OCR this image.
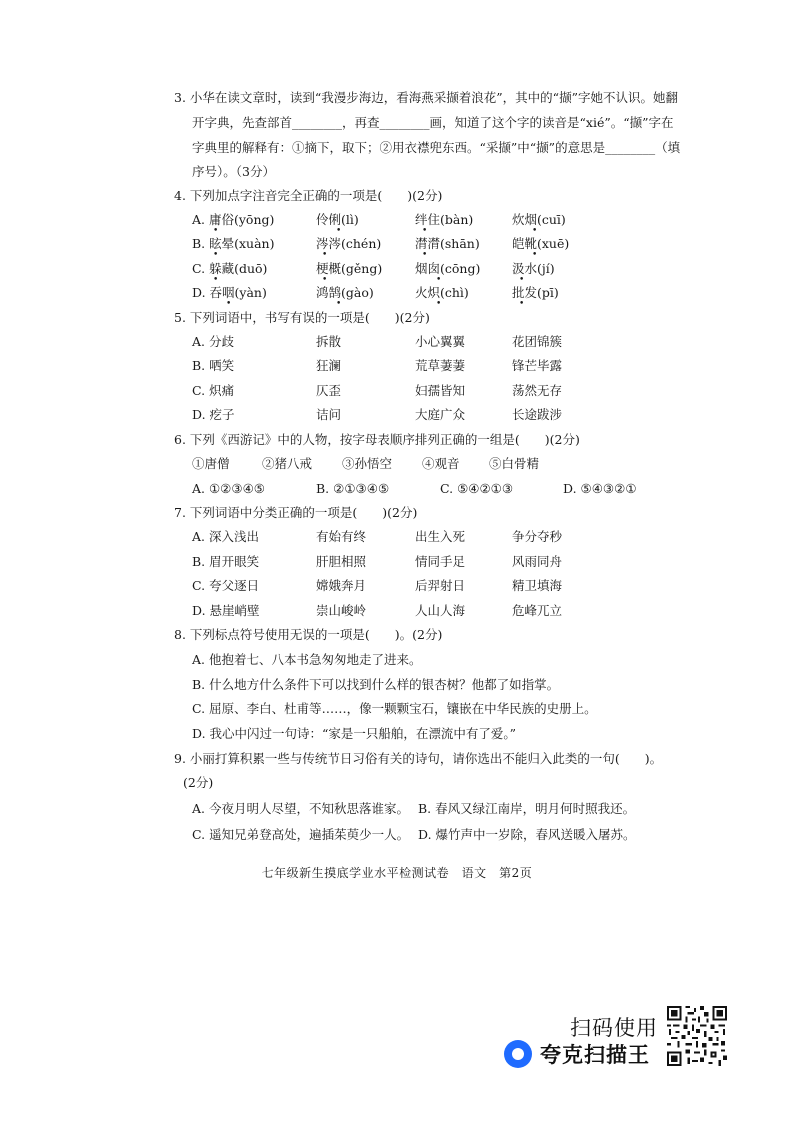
3. 小华在读文章时，读到“我漫步海边，看海燕采撷着浪花”，其中的“撷”字她不认识。她翻
开字典，先查部首________，再查________画，知道了这个字的读音是“xié”。“撷”字在
字典里的解释有：①摘下，取下；②用衣襟兜东西。“采撷”中“撷”的意思是________（填
序号）。（3分）
4. 下列加点字注音完全正确的一项是(　　)(2分)
A. 庸俗(yōng)	伶俐(lì)	绊住(bàn)	炊烟(cuī)
B. 眩晕(xuàn)	涔涔(chén)	潸潸(shān)	皑靴(xuē)
C. 躲藏(duō)	梗概(gěng)	烟囱(cōng)	汲水(jí)
D. 吞咽(yàn)	鸿鹄(gào)	火炽(chì)	批发(pī)
•	•	•	•
•	•	•	•
•	•	•	•
•	•	•	•
5. 下列词语中，书写有误的一项是(　　)(2分)
A. 分歧	拆散	小心翼翼	花团锦簇
B. 哂笑	狂澜	荒草萋萋	锋芒毕露
C. 炽痛	仄歪	妇孺皆知	荡然无存
D. 疙子	诘问	大庭广众	长途跋涉
6. 下列《西游记》中的人物，按字母表顺序排列正确的一组是(　　)(2分)
①唐僧	②猪八戒 ③孙悟空 ④观音 ⑤白骨精
A. ①②③④⑤	B. ②①③④⑤	C. ⑤④②①③	D. ⑤④③②①
7. 下列词语中分类正确的一项是(　　)(2分)
A. 深入浅出	有始有终	出生入死	争分夺秒
B. 眉开眼笑	肝胆相照	情同手足	风雨同舟
C. 夸父逐日	嫦娥奔月	后羿射日	精卫填海
D. 悬崖峭壁	崇山峻岭	人山人海	危峰兀立
8. 下列标点符号使用无误的一项是(　　)。(2分)
A. 他抱着七、八本书急匆匆地走了进来。
B. 什么地方什么条件下可以找到什么样的银杏树？他都了如指掌。
C. 屈原、李白、杜甫等……，像一颗颗宝石，镶嵌在中华民族的史册上。
D. 我心中闪过一句诗：“家是一只船舶，在漂流中有了爱。”
9. 小丽打算积累一些与传统节日习俗有关的诗句，请你选出不能归入此类的一句(　　)。
(2分)
A. 今夜月明人尽望，不知秋思落谁家。 B. 春风又绿江南岸，明月何时照我还。
C. 遥知兄弟登高处，遍插茱萸少一人。 D. 爆竹声中一岁除，春风送暖入屠苏。
七年级新生摸底学业水平检测试卷　语文　第2页
扫码使用
夸克扫描王
